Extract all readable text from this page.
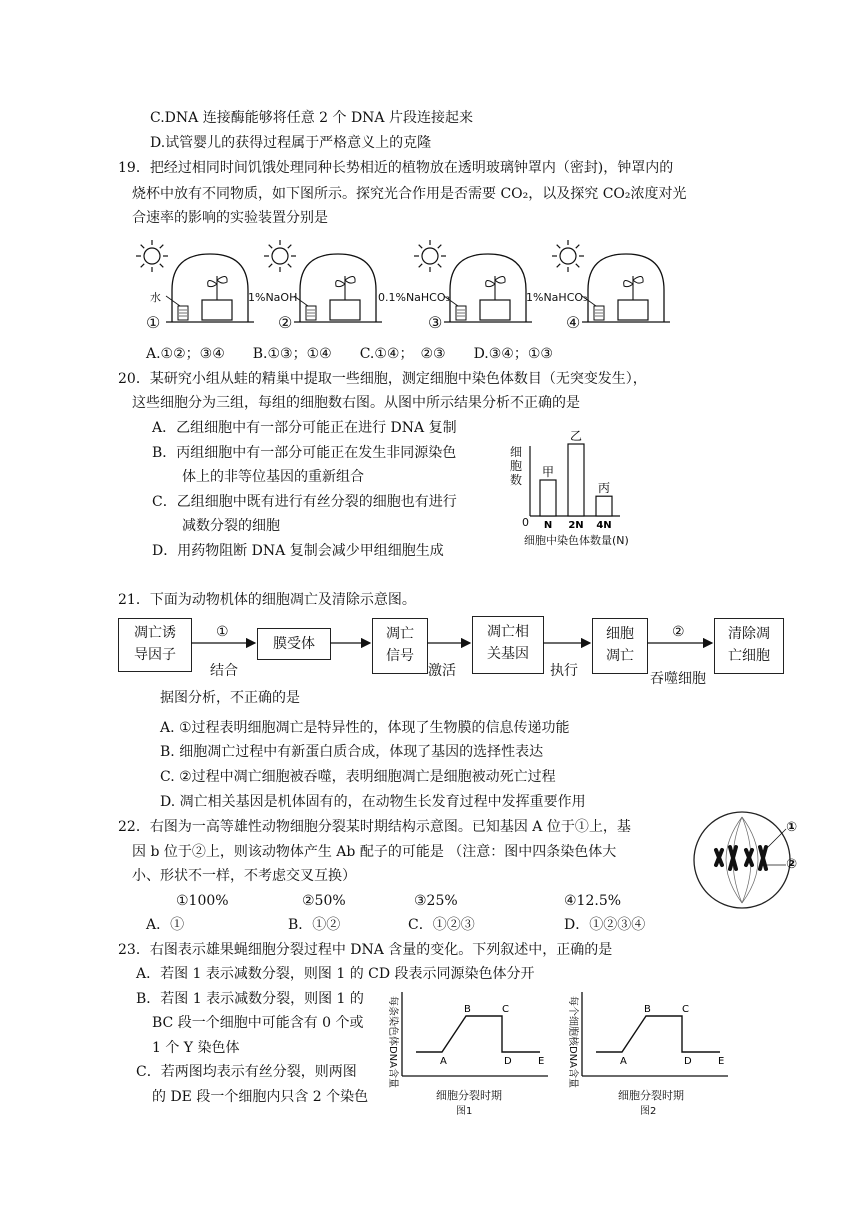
C.DNA 连接酶能够将任意 2 个 DNA 片段连接起来
D.试管婴儿的获得过程属于严格意义上的克隆
19．把经过相同时间饥饿处理同种长势相近的植物放在透明玻璃钟罩内（密封)，钟罩内的
烧杯中放有不同物质，如下图所示。探究光合作用是否需要 CO₂，以及探究 CO₂浓度对光
合速率的影响的实验装置分别是
水	1%NaOH	0.1%NaHCO₃	1%NaHCO₃
①	②	③	④
A.①②；③④　　B.①③；①④　　C.①④；　②③　　D.③④；①③
20．某研究小组从蛙的精巢中提取一些细胞，测定细胞中染色体数目（无突变发生），
这些细胞分为三组，每组的细胞数右图。从图中所示结果分析不正确的是
A．乙组细胞中有一部分可能正在进行 DNA 复制
B．丙组细胞中有一部分可能正在发生非同源染色
体上的非等位基因的重新组合
C．乙组细胞中既有进行有丝分裂的细胞也有进行
减数分裂的细胞
D．用药物阻断 DNA 复制会减少甲组细胞生成
甲
N
乙
2N
丙
4N
细
胞
数
0
细胞中染色体数量(N)
21．下面为动物机体的细胞凋亡及清除示意图。
凋亡诱
导因子
膜受体
凋亡
信号
凋亡相
关基因
细胞
凋亡
清除凋
亡细胞
①
结合	激活	执行
②
吞噬细胞
据图分析，不正确的是
A. ①过程表明细胞凋亡是特异性的，体现了生物膜的信息传递功能
B. 细胞凋亡过程中有新蛋白质合成，体现了基因的选择性表达
C. ②过程中凋亡细胞被吞噬，表明细胞凋亡是细胞被动死亡过程
D. 凋亡相关基因是机体固有的，在动物生长发育过程中发挥重要作用
22．右图为一高等雄性动物细胞分裂某时期结构示意图。已知基因 A 位于①上，基
因 b 位于②上，则该动物体产生 Ab 配子的可能是 （注意：图中四条染色体大
小、形状不一样，不考虑交叉互换）
①100%	②50%	③25%	④12.5%
A．①	B．①②	C．①②③	D．①②③④
①
②
23．右图表示雄果蝇细胞分裂过程中 DNA 含量的变化。下列叙述中，正确的是
A．若图 1 表示减数分裂，则图 1 的 CD 段表示同源染色体分开
B．若图 1 表示减数分裂，则图 1 的
BC 段一个细胞中可能含有 0 个或
1 个 Y 染色体
C．若两图均表示有丝分裂，则两图
的 DE 段一个细胞内只含 2 个染色
A
B	C
D	E	A
B	C
D	E
每条染色体DNA含量
细胞分裂时期
图1
每个细胞核DNA含量
细胞分裂时期
图2
